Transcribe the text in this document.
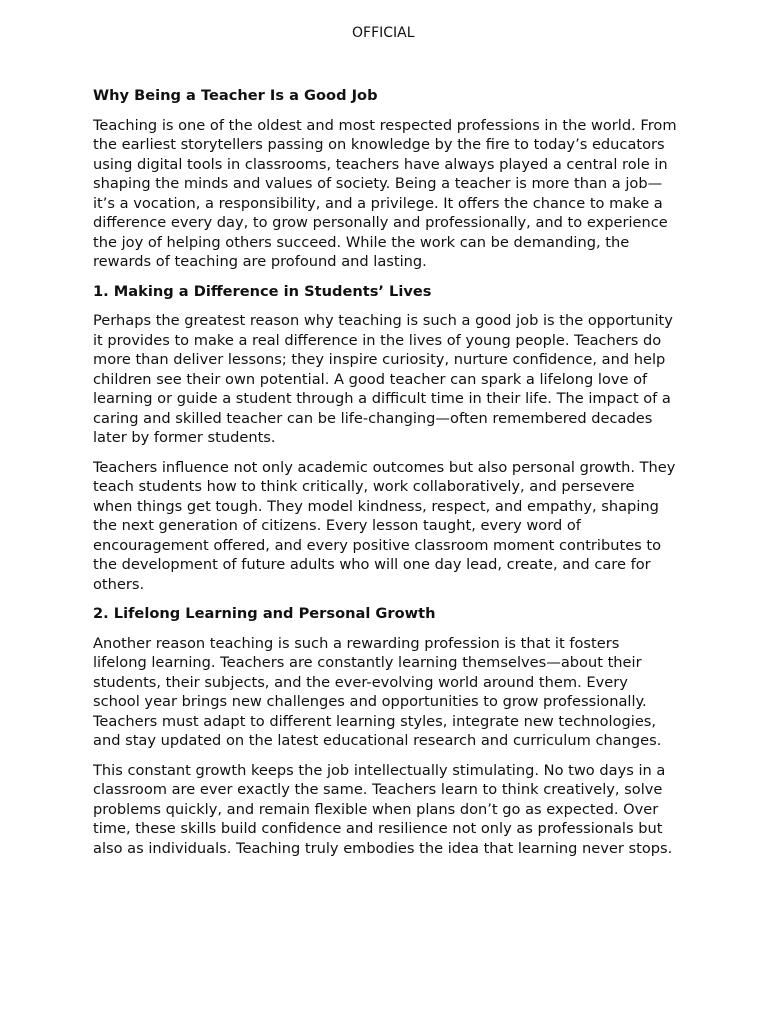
OFFICIAL
Why Being a Teacher Is a Good Job

Teaching is one of the oldest and most respected professions in the world. From the earliest storytellers passing on knowledge by the fire to today’s educators using digital tools in classrooms, teachers have always played a central role in shaping the minds and values of society. Being a teacher is more than a job—it’s a vocation, a responsibility, and a privilege. It offers the chance to make a difference every day, to grow personally and professionally, and to experience the joy of helping others succeed. While the work can be demanding, the rewards of teaching are profound and lasting.

1. Making a Difference in Students’ Lives

Perhaps the greatest reason why teaching is such a good job is the opportunity it provides to make a real difference in the lives of young people. Teachers do more than deliver lessons; they inspire curiosity, nurture confidence, and help children see their own potential. A good teacher can spark a lifelong love of learning or guide a student through a difficult time in their life. The impact of a caring and skilled teacher can be life-changing—often remembered decades later by former students.

Teachers influence not only academic outcomes but also personal growth. They teach students how to think critically, work collaboratively, and persevere when things get tough. They model kindness, respect, and empathy, shaping the next generation of citizens. Every lesson taught, every word of encouragement offered, and every positive classroom moment contributes to the development of future adults who will one day lead, create, and care for others.

2. Lifelong Learning and Personal Growth

Another reason teaching is such a rewarding profession is that it fosters lifelong learning. Teachers are constantly learning themselves—about their students, their subjects, and the ever-evolving world around them. Every school year brings new challenges and opportunities to grow professionally. Teachers must adapt to different learning styles, integrate new technologies, and stay updated on the latest educational research and curriculum changes.

This constant growth keeps the job intellectually stimulating. No two days in a classroom are ever exactly the same. Teachers learn to think creatively, solve problems quickly, and remain flexible when plans don’t go as expected. Over time, these skills build confidence and resilience not only as professionals but also as individuals. Teaching truly embodies the idea that learning never stops.
